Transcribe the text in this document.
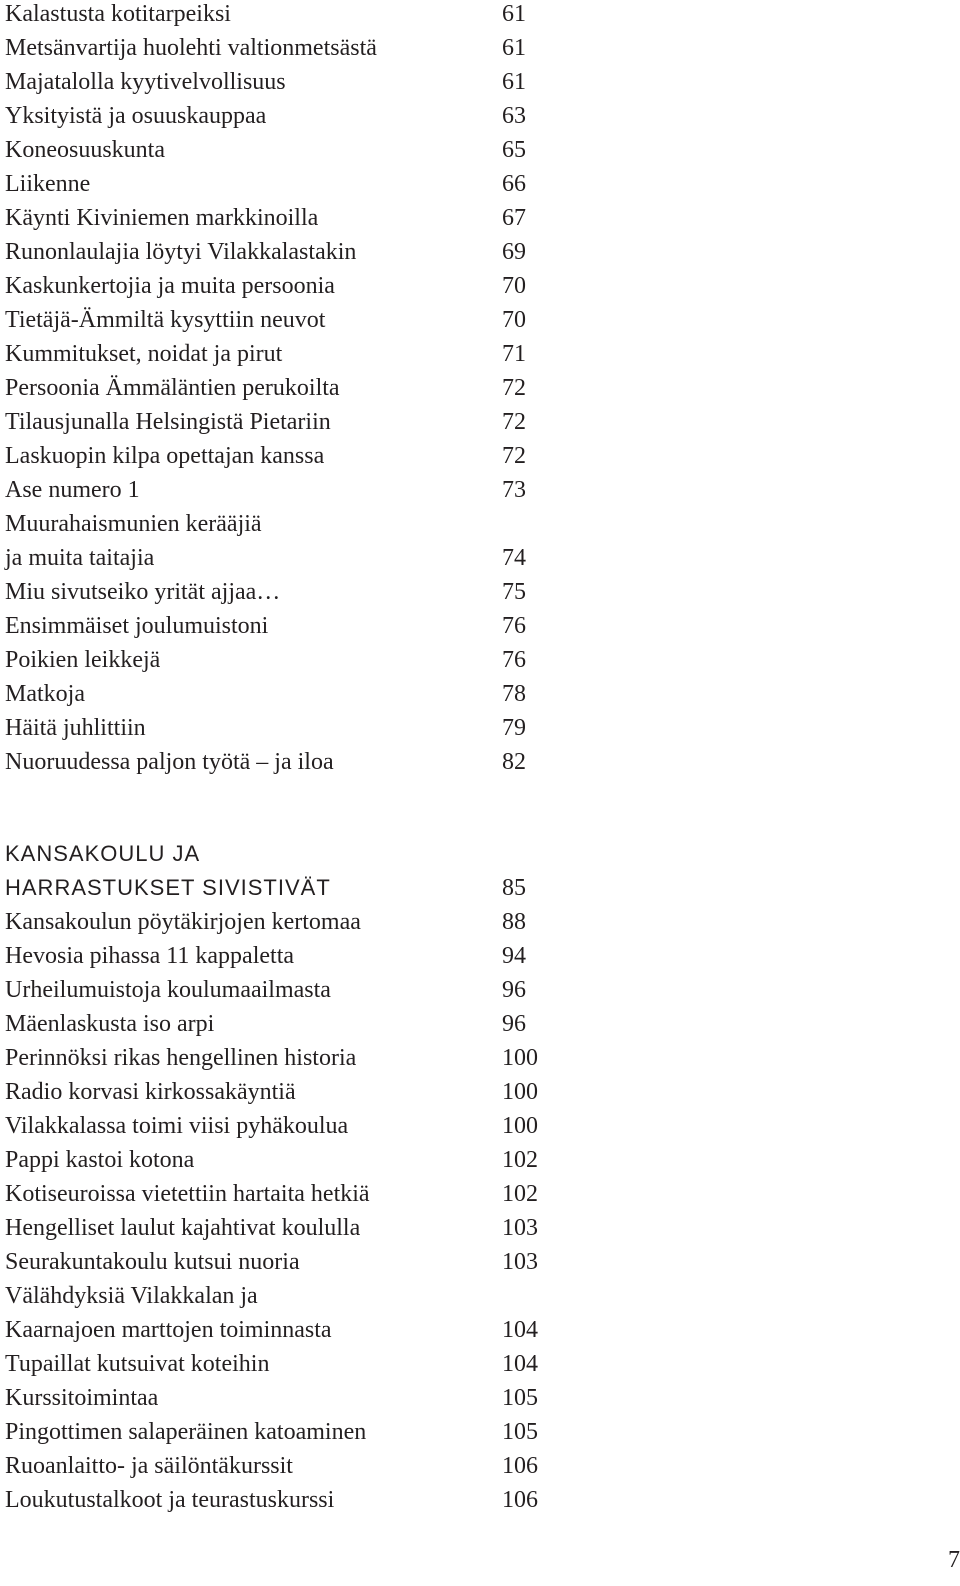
Kalastusta kotitarpeiksi	61
Metsänvartija huolehti valtionmetsästä	61
Majatalolla kyytivelvollisuus	61
Yksityistä ja osuuskauppaa	63
Koneosuuskunta	65
Liikenne	66
Käynti Kiviniemen markkinoilla	67
Runonlaulajia löytyi Vilakkalastakin	69
Kaskunkertojia ja muita persoonia	70
Tietäjä-Ämmiltä kysyttiin neuvot	70
Kummitukset, noidat ja pirut	71
Persoonia Ämmäläntien perukoilta	72
Tilausjunalla Helsingistä Pietariin	72
Laskuopin kilpa opettajan kanssa	72
Ase numero 1	73
Muurahaismunien kerääjiä
ja muita taitajia	74
Miu sivutseiko yrität ajjaa…	75
Ensimmäiset joulumuistoni	76
Poikien leikkejä	76
Matkoja	78
Häitä juhlittiin	79
Nuoruudessa paljon työtä – ja iloa	82
KANSAKOULU JA
HARRASTUKSET SIVISTIVÄT	85
Kansakoulun pöytäkirjojen kertomaa	88
Hevosia pihassa 11 kappaletta	94
Urheilumuistoja koulumaailmasta	96
Mäenlaskusta iso arpi	96
Perinnöksi rikas hengellinen historia	100
Radio korvasi kirkossakäyntiä	100
Vilakkalassa toimi viisi pyhäkoulua	100
Pappi kastoi kotona	102
Kotiseuroissa vietettiin hartaita hetkiä	102
Hengelliset laulut kajahtivat koululla	103
Seurakuntakoulu kutsui nuoria	103
Välähdyksiä Vilakkalan ja
Kaarnajoen marttojen toiminnasta	104
Tupaillat kutsuivat koteihin	104
Kurssitoimintaa	105
Pingottimen salaperäinen katoaminen	105
Ruoanlaitto- ja säilöntäkurssit	106
Loukutustalkoot ja teurastuskurssi	106
7
